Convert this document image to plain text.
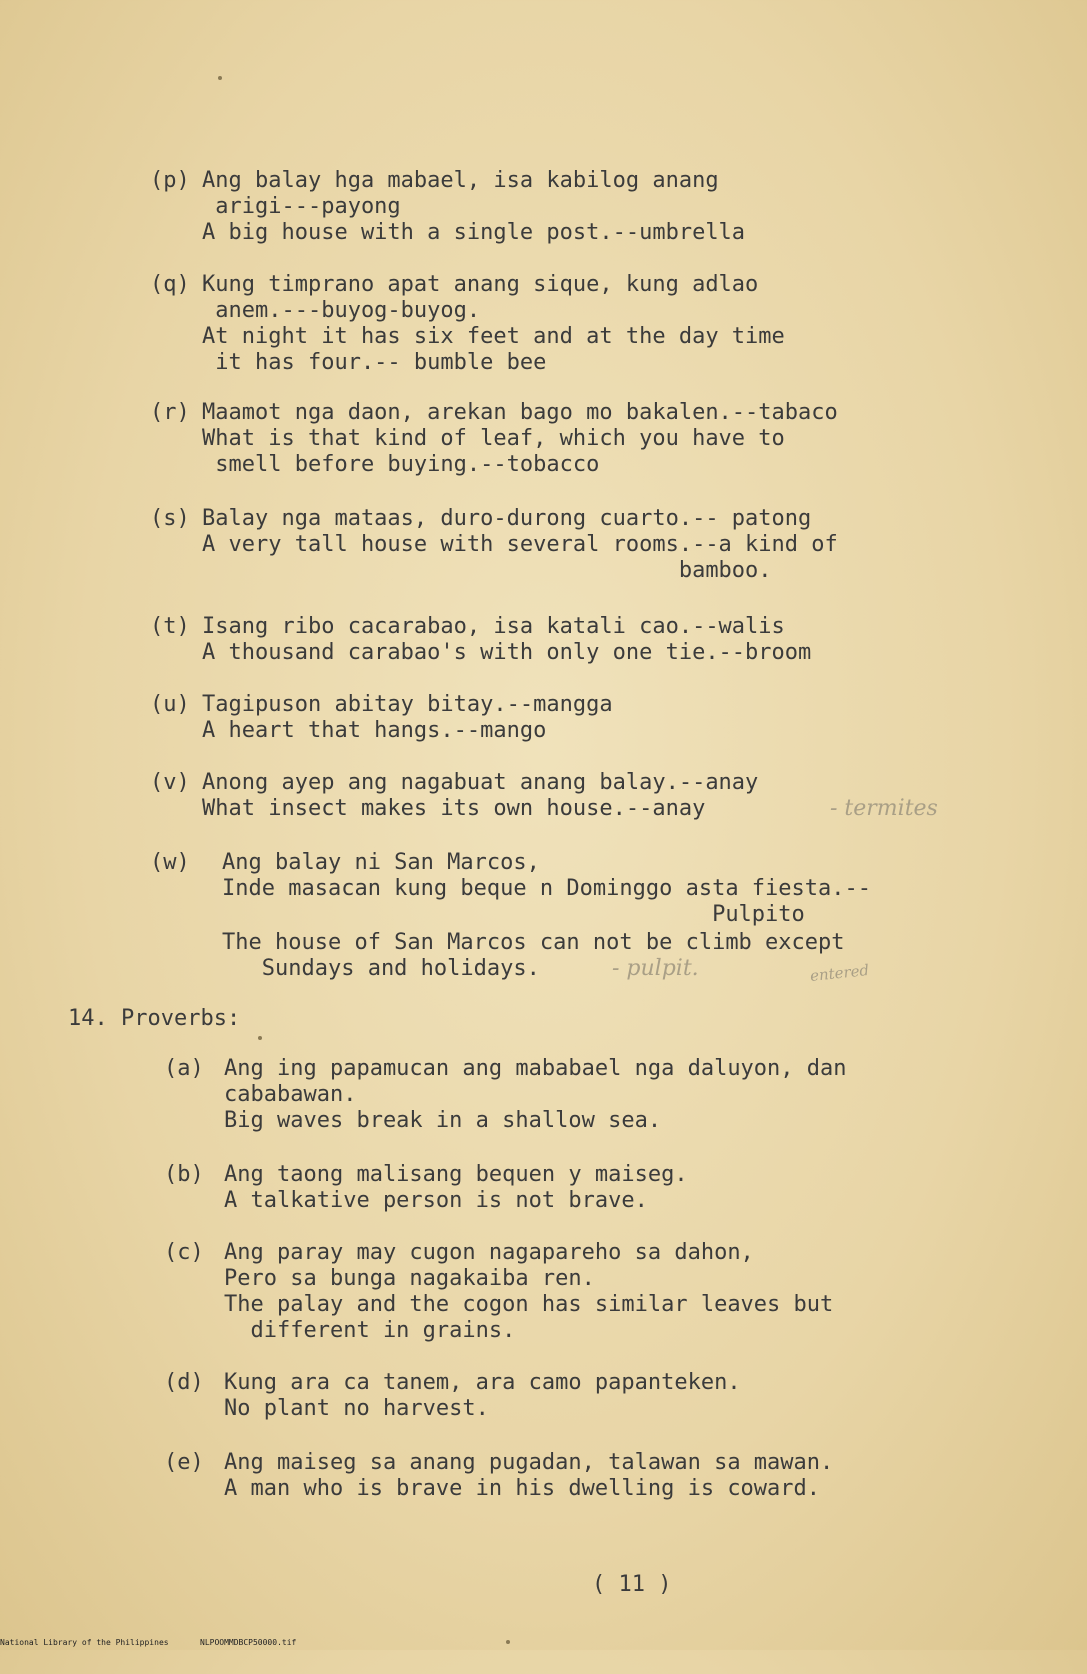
(p) Ang balay hga mabael, isa kabilog anang
arigi---payong
A big house with a single post.--umbrella
(q) Kung timprano apat anang sique, kung adlao
anem.---buyog-buyog.
At night it has six feet and at the day time
it has four.-- bumble bee
(r) Maamot nga daon, arekan bago mo bakalen.--tabaco
What is that kind of leaf, which you have to
smell before buying.--tobacco
(s) Balay nga mataas, duro-durong cuarto.-- patong
A very tall house with several rooms.--a kind of
bamboo.
(t) Isang ribo cacarabao, isa katali cao.--walis
A thousand carabao's with only one tie.--broom
(u) Tagipuson abitay bitay.--mangga
A heart that hangs.--mango
(v) Anong ayep ang nagabuat anang balay.--anay
What insect makes its own house.--anay	- termites
(w) Ang balay ni San Marcos,
Inde masacan kung beque n Dominggo asta fiesta.--
Pulpito
The house of San Marcos can not be climb except
Sundays and holidays.	- pulpit.	entered
14. Proverbs:
(a) Ang ing papamucan ang mababael nga daluyon, dan
cababawan.
Big waves break in a shallow sea.
(b) Ang taong malisang bequen y maiseg.
A talkative person is not brave.
(c) Ang paray may cugon nagapareho sa dahon,
Pero sa bunga nagakaiba ren.
The palay and the cogon has similar leaves but
different in grains.
(d) Kung ara ca tanem, ara camo papanteken.
No plant no harvest.
(e) Ang maiseg sa anang pugadan, talawan sa mawan.
A man who is brave in his dwelling is coward.
( 11 )

National Library of the Philippines

	NLPOOMMDBCP50000.tif
